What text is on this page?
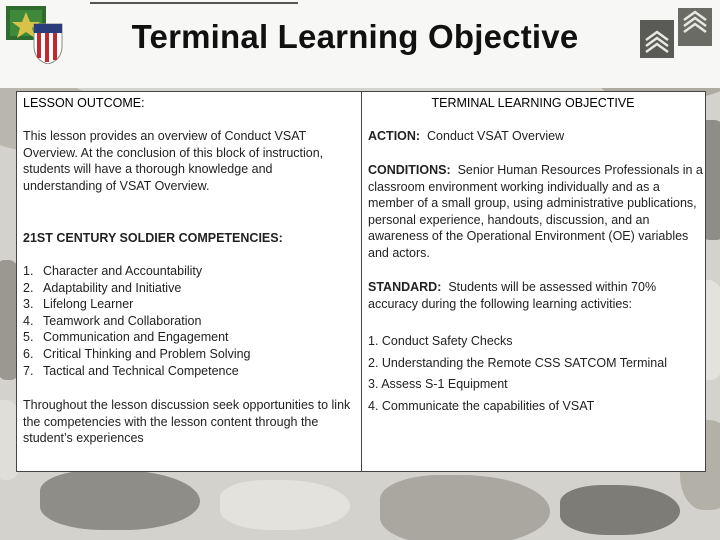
Terminal Learning Objective
LESSON OUTCOME:
This lesson provides an overview of Conduct VSAT Overview. At the conclusion of this block of instruction, students will have a thorough knowledge and understanding of VSAT Overview.
21ST CENTURY SOLDIER COMPETENCIES:
1. Character and Accountability
2. Adaptability and Initiative
3. Lifelong Learner
4. Teamwork and Collaboration
5. Communication and Engagement
6. Critical Thinking and Problem Solving
7. Tactical and Technical Competence
Throughout the lesson discussion seek opportunities to link the competencies with the lesson content through the student’s experiences
TERMINAL LEARNING OBJECTIVE
ACTION: Conduct VSAT Overview
CONDITIONS: Senior Human Resources Professionals in a classroom environment working individually and as a member of a small group, using administrative publications, personal experience, handouts, discussion, and an awareness of the Operational Environment (OE) variables and actors.
STANDARD: Students will be assessed within 70% accuracy during the following learning activities:
1. Conduct Safety Checks
2. Understanding the Remote CSS SATCOM Terminal
3. Assess S-1 Equipment
4. Communicate the capabilities of VSAT
